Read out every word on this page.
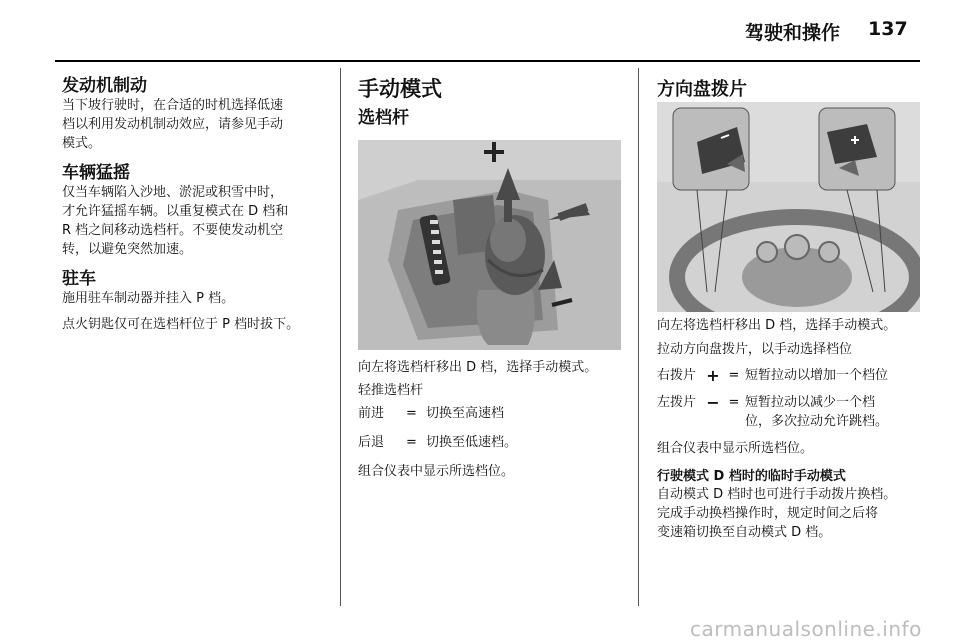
驾驶和操作 137
发动机制动

当下坡行驶时，在合适的时机选择低速

档以利用发动机制动效应，请参见手动

模式。

车辆猛摇

仅当车辆陷入沙地、淤泥或积雪中时，

才允许猛摇车辆。以重复模式在 D 档和

R 档之间移动选档杆。不要使发动机空

转，以避免突然加速。

驻车

施用驻车制动器并挂入 P 档。

点火钥匙仅可在选档杆位于 P 档时拔下。

手动模式
选档杆

向左将选档杆移出 D 档，选择手动模式。

轻推选档杆

前进	= 切换至高速档
后退	= 切换至低速档。

组合仪表中显示所选档位。

方向盘拨片

向左将选档杆移出 D 档，选择手动模式。

拉动方向盘拨片，以手动选择档位

右拨片 + = 短暂拉动以增加一个档位
左拨片 − = 短暂拉动以减少一个档
位，多次拉动允许跳档。

组合仪表中显示所选档位。

行驶模式 D 档时的临时手动模式

自动模式 D 档时也可进行手动拨片换档。

完成手动换档操作时，规定时间之后将

变速箱切换至自动模式 D 档。

carmanualsonline.info
